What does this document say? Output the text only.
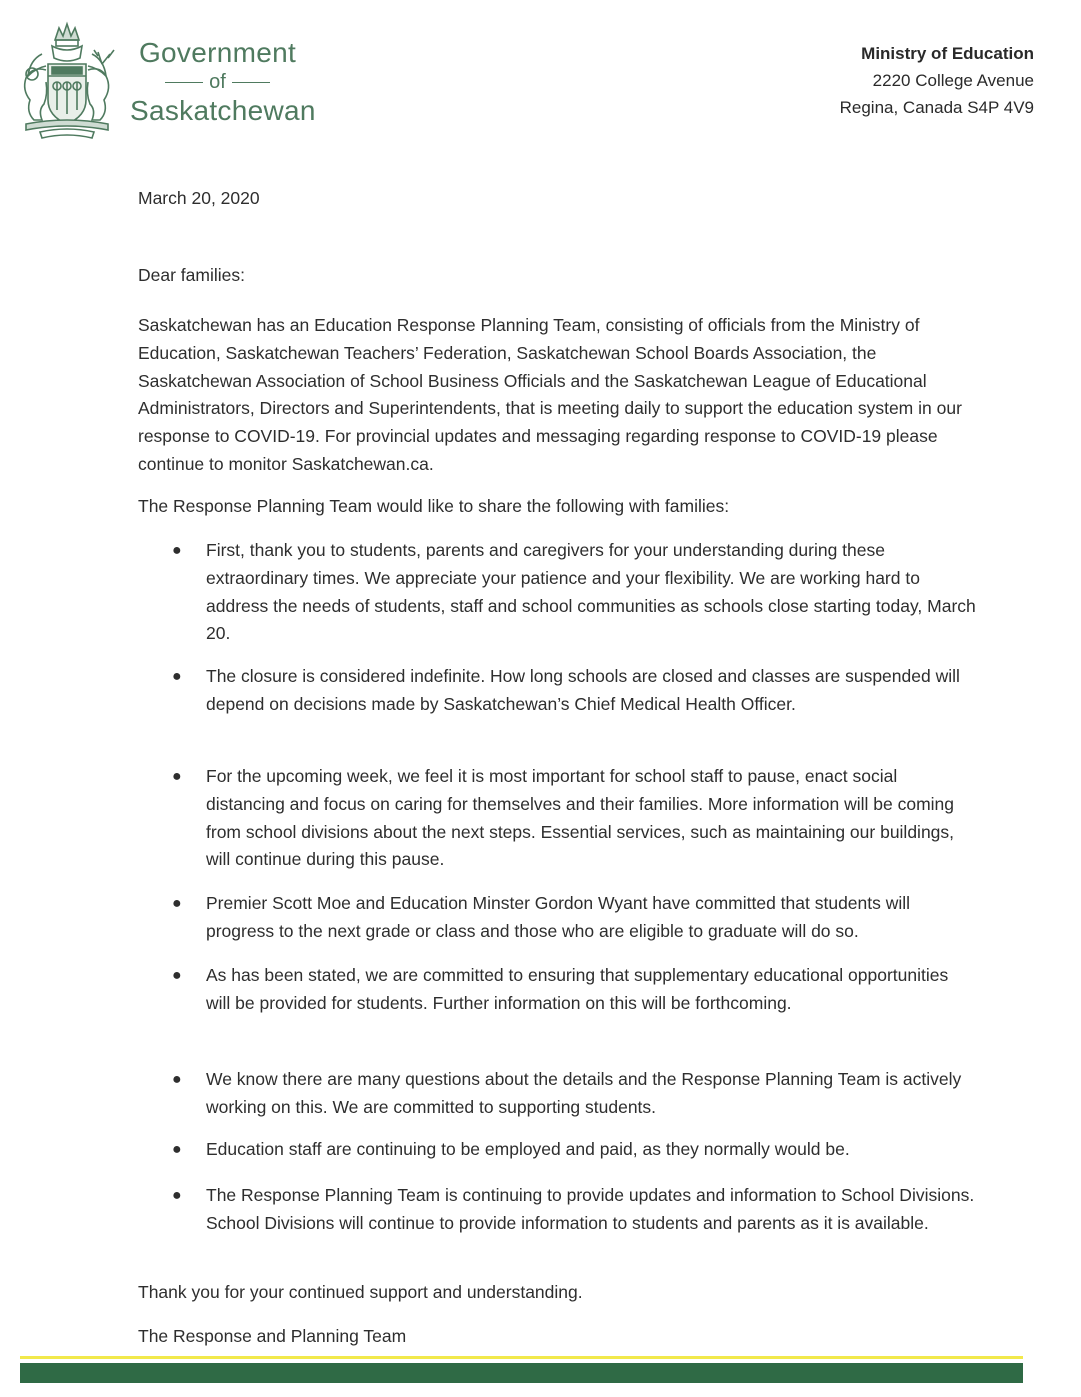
Government
of
Saskatchewan
Ministry of Education
2220 College Avenue
Regina, Canada S4P 4V9
March 20, 2020
Dear families:
Saskatchewan has an Education Response Planning Team, consisting of officials from the Ministry of Education, Saskatchewan Teachers’ Federation, Saskatchewan School Boards Association, the Saskatchewan Association of School Business Officials and the Saskatchewan League of Educational Administrators, Directors and Superintendents, that is meeting daily to support the education system in our response to COVID-19. For provincial updates and messaging regarding response to COVID-19 please continue to monitor Saskatchewan.ca.
The Response Planning Team would like to share the following with families:
● First, thank you to students, parents and caregivers for your understanding during these extraordinary times. We appreciate your patience and your flexibility. We are working hard to address the needs of students, staff and school communities as schools close starting today, March 20.
● The closure is considered indefinite. How long schools are closed and classes are suspended will depend on decisions made by Saskatchewan’s Chief Medical Health Officer.
● For the upcoming week, we feel it is most important for school staff to pause, enact social distancing and focus on caring for themselves and their families. More information will be coming from school divisions about the next steps. Essential services, such as maintaining our buildings, will continue during this pause.
● Premier Scott Moe and Education Minster Gordon Wyant have committed that students will progress to the next grade or class and those who are eligible to graduate will do so.
● As has been stated, we are committed to ensuring that supplementary educational opportunities will be provided for students. Further information on this will be forthcoming.
● We know there are many questions about the details and the Response Planning Team is actively working on this. We are committed to supporting students.
● Education staff are continuing to be employed and paid, as they normally would be.
● The Response Planning Team is continuing to provide updates and information to School Divisions. School Divisions will continue to provide information to students and parents as it is available.
Thank you for your continued support and understanding.
The Response and Planning Team
